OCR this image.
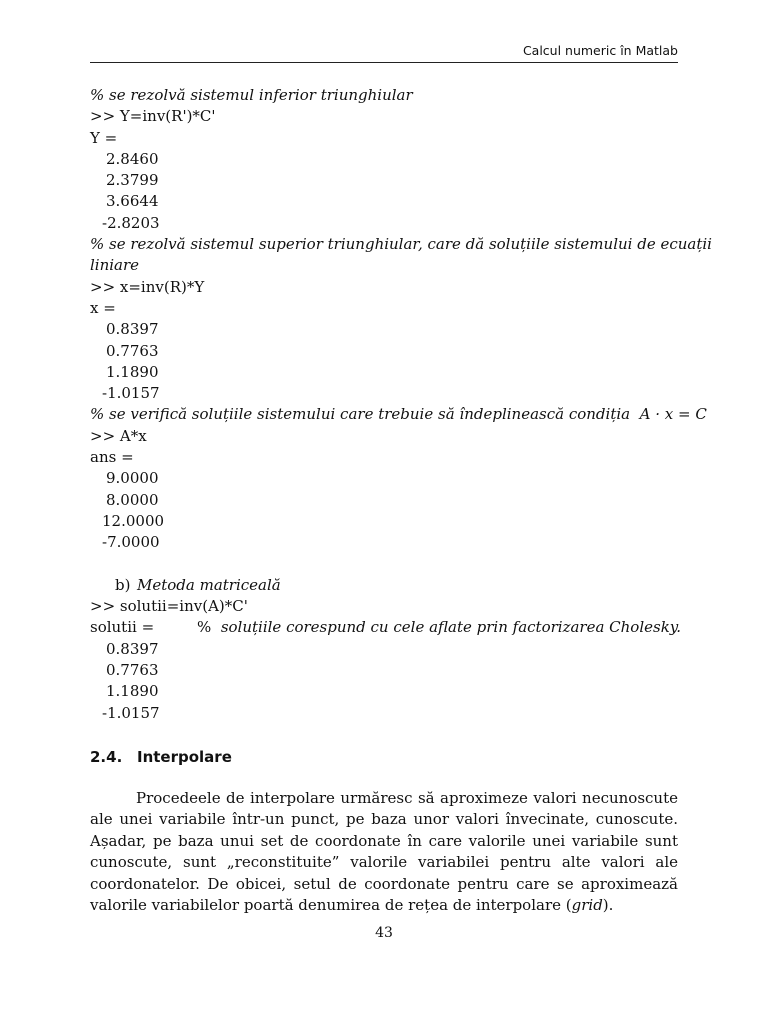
Calcul numeric în Matlab
% se rezolvă sistemul inferior triunghiular
>> Y=inv(R')*C'
Y =
2.8460
2.3799
3.6644
-2.8203
% se rezolvă sistemul superior triunghiular, care dă soluțiile sistemului de ecuații
liniare
>> x=inv(R)*Y
x =
0.8397
0.7763
1.1890
-1.0157
% se verifică soluțiile sistemului care trebuie să îndeplinească condiția  A · x = C
>> A*x
ans =
9.0000
8.0000
12.0000
-7.0000
b) Metoda matriceală
>> solutii=inv(A)*C'
solutii =	% soluțiile corespund cu cele aflate prin factorizarea Cholesky.
0.8397
0.7763
1.1890
-1.0157
2.4. Interpolare
Procedeele de interpolare urmăresc să aproximeze valori necunoscute ale unei variabile într-un punct, pe baza unor valori învecinate, cunoscute. Așadar, pe baza unui set de coordonate în care valorile unei variabile sunt cunoscute, sunt „reconstituite” valorile variabilei pentru alte valori ale coordonatelor. De obicei, setul de coordonate pentru care se aproximează valorile variabilelor poartă denumirea de rețea de interpolare (grid).
43
